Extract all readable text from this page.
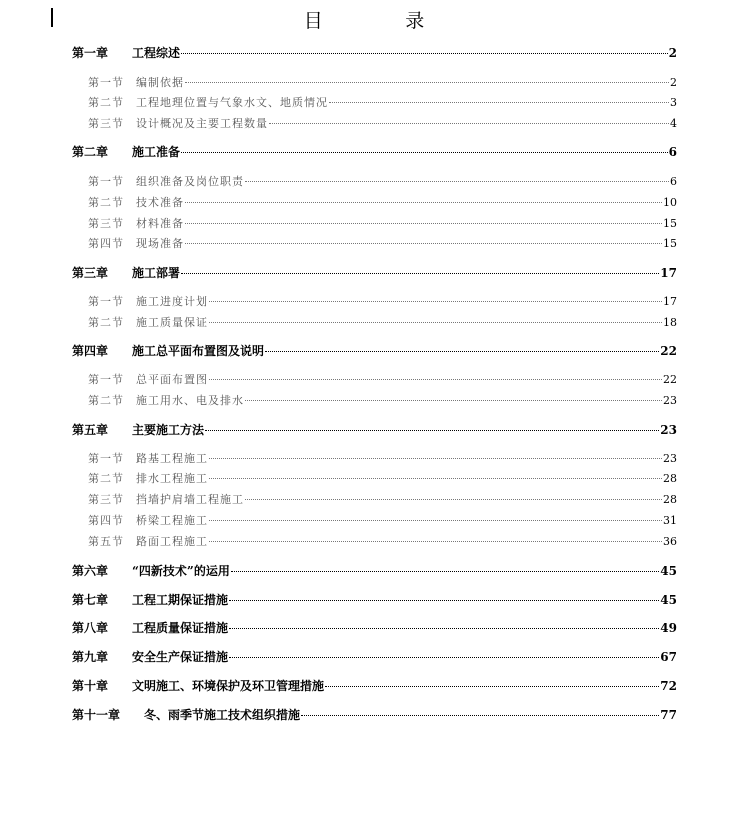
目          录
第一章   工程综述	2
第一节  编制依据	2
第二节  工程地理位置与气象水文、地质情况	3
第三节  设计概况及主要工程数量	4
第二章   施工准备	6
第一节  组织准备及岗位职责	6
第二节  技术准备	10
第三节  材料准备	15
第四节  现场准备	15
第三章   施工部署	17
第一节  施工进度计划	17
第二节  施工质量保证	18
第四章   施工总平面布置图及说明	22
第一节  总平面布置图	22
第二节  施工用水、电及排水	23
第五章   主要施工方法	23
第一节  路基工程施工	23
第二节  排水工程施工	28
第三节  挡墙护肩墙工程施工	28
第四节  桥梁工程施工	31
第五节  路面工程施工	36
第六章   “四新技术”的运用	45
第七章   工程工期保证措施	45
第八章   工程质量保证措施	49
第九章   安全生产保证措施	67
第十章   文明施工、环境保护及环卫管理措施	72
第十一章   冬、雨季节施工技术组织措施	77
